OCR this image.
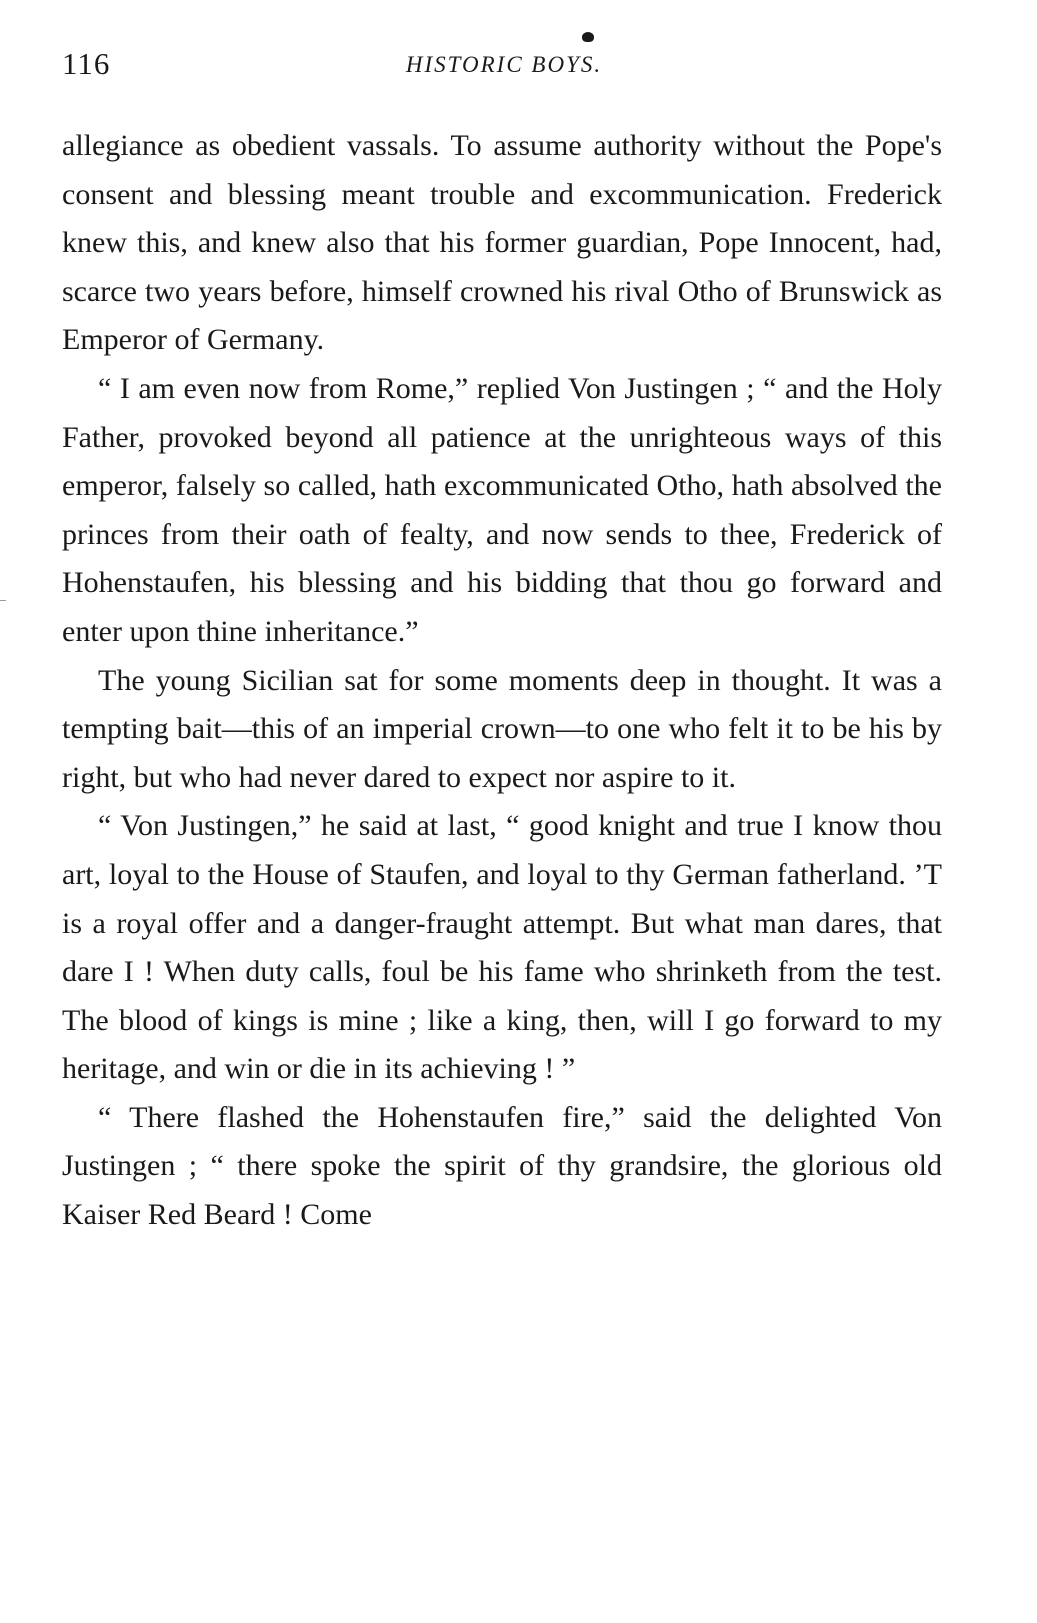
116	HISTORIC BOYS.

allegiance as obedient vassals. To assume authority without the Pope's consent and blessing meant trouble and excommunication. Frederick knew this, and knew also that his former guardian, Pope Innocent, had, scarce two years before, himself crowned his rival Otho of Brunswick as Emperor of Germany.

“ I am even now from Rome,” replied Von Justingen ; “ and the Holy Father, provoked beyond all patience at the unrighteous ways of this emperor, falsely so called, hath excommunicated Otho, hath absolved the princes from their oath of fealty, and now sends to thee, Frederick of Hohenstaufen, his blessing and his bidding that thou go forward and enter upon thine inheritance.”

The young Sicilian sat for some moments deep in thought. It was a tempting bait—this of an imperial crown—to one who felt it to be his by right, but who had never dared to expect nor aspire to it.

“ Von Justingen,” he said at last, “ good knight and true I know thou art, loyal to the House of Staufen, and loyal to thy German fatherland. ’T is a royal offer and a danger-fraught attempt. But what man dares, that dare I ! When duty calls, foul be his fame who shrinketh from the test. The blood of kings is mine ; like a king, then, will I go forward to my heritage, and win or die in its achieving ! ”

“ There flashed the Hohenstaufen fire,” said the delighted Von Justingen ; “ there spoke the spirit of thy grandsire, the glorious old Kaiser Red Beard ! Come
